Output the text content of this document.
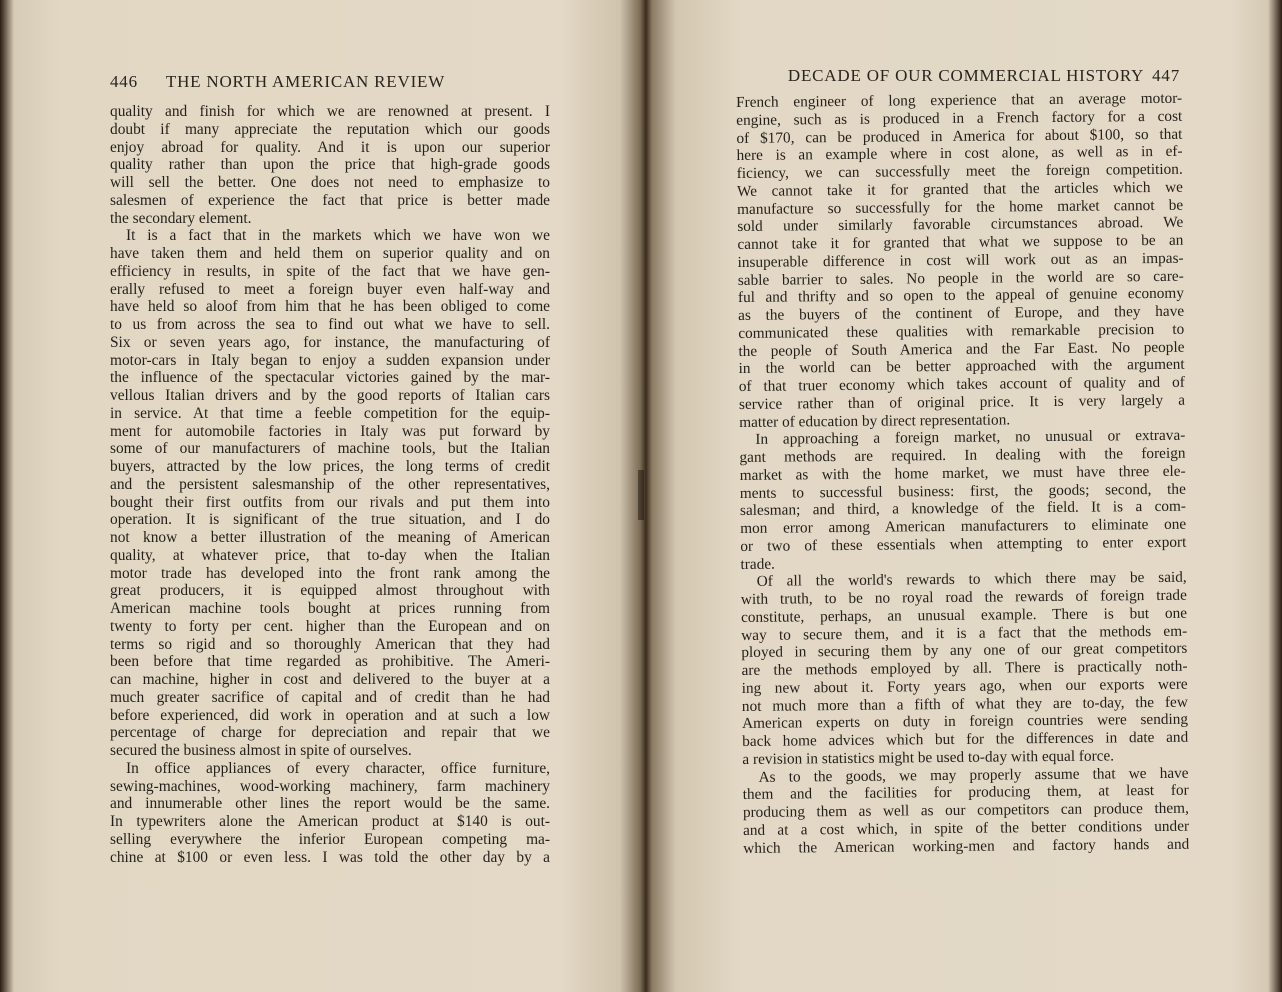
446 THE NORTH AMERICAN REVIEW
quality and finish for which we are renowned at present. I
doubt if many appreciate the reputation which our goods
enjoy abroad for quality. And it is upon our superior
quality rather than upon the price that high-grade goods
will sell the better. One does not need to emphasize to
salesmen of experience the fact that price is better made
the secondary element.
It is a fact that in the markets which we have won we
have taken them and held them on superior quality and on
efficiency in results, in spite of the fact that we have gen-
erally refused to meet a foreign buyer even half-way and
have held so aloof from him that he has been obliged to come
to us from across the sea to find out what we have to sell.
Six or seven years ago, for instance, the manufacturing of
motor-cars in Italy began to enjoy a sudden expansion under
the influence of the spectacular victories gained by the mar-
vellous Italian drivers and by the good reports of Italian cars
in service. At that time a feeble competition for the equip-
ment for automobile factories in Italy was put forward by
some of our manufacturers of machine tools, but the Italian
buyers, attracted by the low prices, the long terms of credit
and the persistent salesmanship of the other representatives,
bought their first outfits from our rivals and put them into
operation. It is significant of the true situation, and I do
not know a better illustration of the meaning of American
quality, at whatever price, that to-day when the Italian
motor trade has developed into the front rank among the
great producers, it is equipped almost throughout with
American machine tools bought at prices running from
twenty to forty per cent. higher than the European and on
terms so rigid and so thoroughly American that they had
been before that time regarded as prohibitive. The Ameri-
can machine, higher in cost and delivered to the buyer at a
much greater sacrifice of capital and of credit than he had
before experienced, did work in operation and at such a low
percentage of charge for depreciation and repair that we
secured the business almost in spite of ourselves.
In office appliances of every character, office furniture,
sewing-machines, wood-working machinery, farm machinery
and innumerable other lines the report would be the same.
In typewriters alone the American product at $140 is out-
selling everywhere the inferior European competing ma-
chine at $100 or even less. I was told the other day by a
DECADE OF OUR COMMERCIAL HISTORY 447
French engineer of long experience that an average motor-
engine, such as is produced in a French factory for a cost
of $170, can be produced in America for about $100, so that
here is an example where in cost alone, as well as in ef-
ficiency, we can successfully meet the foreign competition.
We cannot take it for granted that the articles which we
manufacture so successfully for the home market cannot be
sold under similarly favorable circumstances abroad. We
cannot take it for granted that what we suppose to be an
insuperable difference in cost will work out as an impas-
sable barrier to sales. No people in the world are so care-
ful and thrifty and so open to the appeal of genuine economy
as the buyers of the continent of Europe, and they have
communicated these qualities with remarkable precision to
the people of South America and the Far East. No people
in the world can be better approached with the argument
of that truer economy which takes account of quality and of
service rather than of original price. It is very largely a
matter of education by direct representation.
In approaching a foreign market, no unusual or extrava-
gant methods are required. In dealing with the foreign
market as with the home market, we must have three ele-
ments to successful business: first, the goods; second, the
salesman; and third, a knowledge of the field. It is a com-
mon error among American manufacturers to eliminate one
or two of these essentials when attempting to enter export
trade.
Of all the world's rewards to which there may be said,
with truth, to be no royal road the rewards of foreign trade
constitute, perhaps, an unusual example. There is but one
way to secure them, and it is a fact that the methods em-
ployed in securing them by any one of our great competitors
are the methods employed by all. There is practically noth-
ing new about it. Forty years ago, when our exports were
not much more than a fifth of what they are to-day, the few
American experts on duty in foreign countries were sending
back home advices which but for the differences in date and
a revision in statistics might be used to-day with equal force.
As to the goods, we may properly assume that we have
them and the facilities for producing them, at least for
producing them as well as our competitors can produce them,
and at a cost which, in spite of the better conditions under
which the American working-men and factory hands and
